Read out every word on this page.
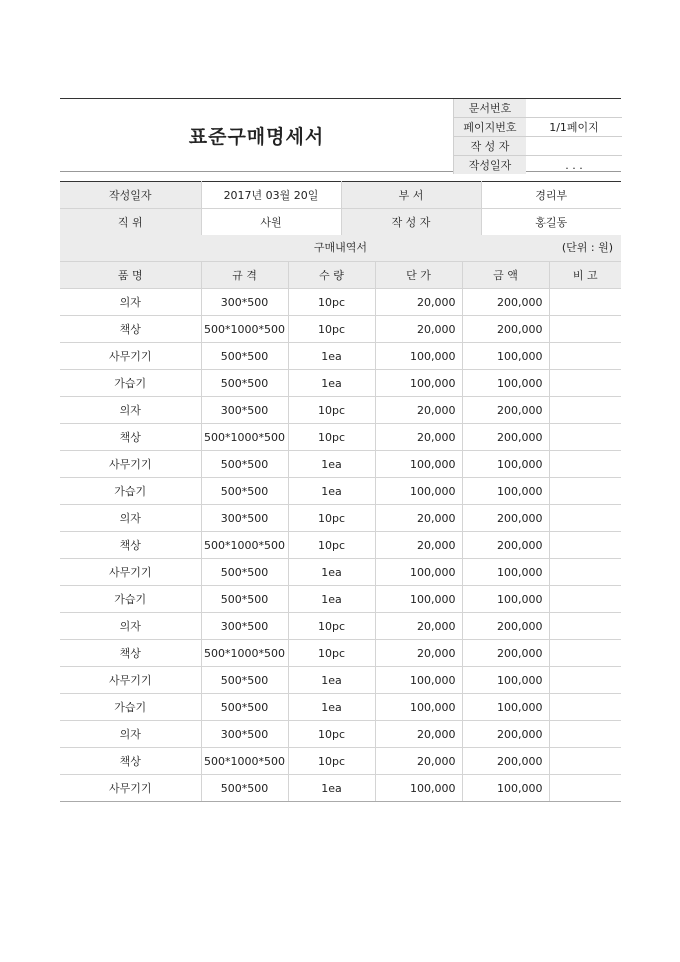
표준구매명세서
문서번호	
페이지번호	1/1페이지
작 성 자	
작성일자	. . .
작성일자	2017년 03월 20일	부 서	경리부
직 위	사원	작 성 자	홍길동
구매내역서	(단위 : 원)
품 명	규 격	수 량	단 가	금 액	비 고
의자	300*500	10pc	20,000	200,000	
책상	500*1000*500	10pc	20,000	200,000	
사무기기	500*500	1ea	100,000	100,000	
가습기	500*500	1ea	100,000	100,000	
의자	300*500	10pc	20,000	200,000	
책상	500*1000*500	10pc	20,000	200,000	
사무기기	500*500	1ea	100,000	100,000	
가습기	500*500	1ea	100,000	100,000	
의자	300*500	10pc	20,000	200,000	
책상	500*1000*500	10pc	20,000	200,000	
사무기기	500*500	1ea	100,000	100,000	
가습기	500*500	1ea	100,000	100,000	
의자	300*500	10pc	20,000	200,000	
책상	500*1000*500	10pc	20,000	200,000	
사무기기	500*500	1ea	100,000	100,000	
가습기	500*500	1ea	100,000	100,000	
의자	300*500	10pc	20,000	200,000	
책상	500*1000*500	10pc	20,000	200,000	
사무기기	500*500	1ea	100,000	100,000	
